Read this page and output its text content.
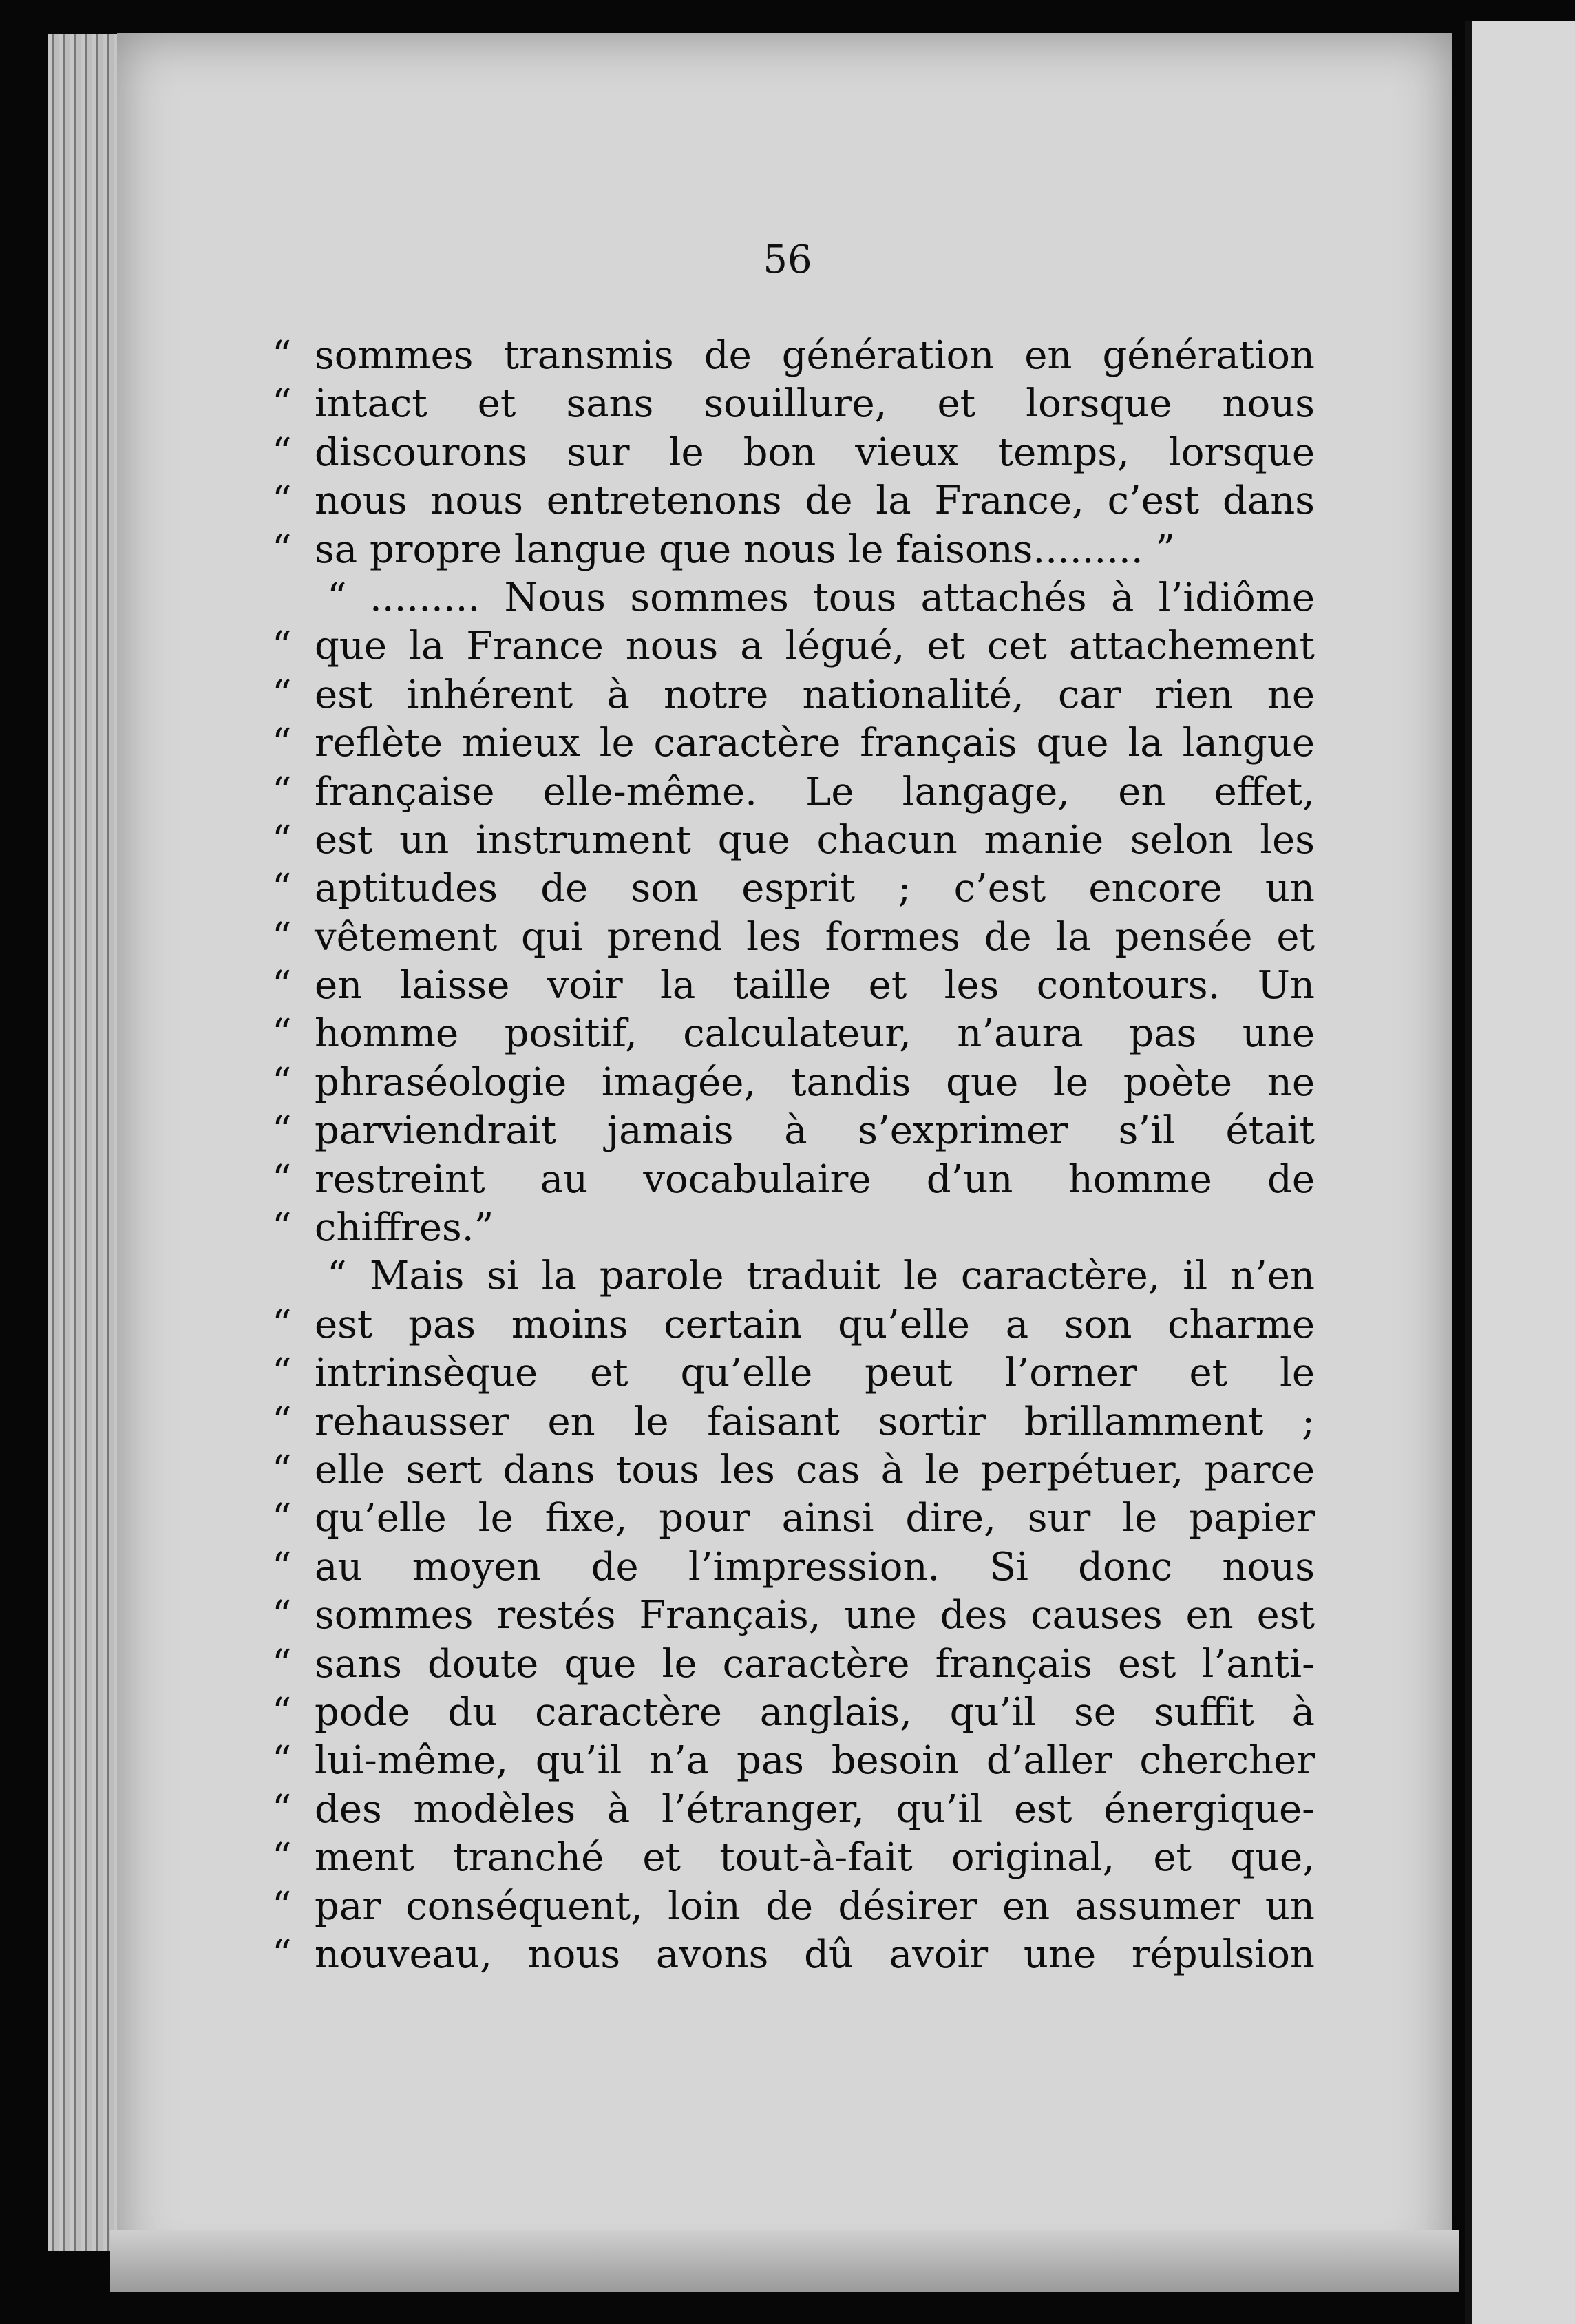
56
“ sommes transmis de génération en génération
“ intact et sans souillure, et lorsque nous
“ discourons sur le bon vieux temps, lorsque
“ nous nous entretenons de la France, c’est dans
“ sa propre langue que nous le faisons......... ”
“ ......... Nous sommes tous attachés à l’idiôme
“ que la France nous a légué, et cet attachement
“ est inhérent à notre nationalité, car rien ne
“ reflète mieux le caractère français que la langue
“ française elle-même. Le langage, en effet,
“ est un instrument que chacun manie selon les
“ aptitudes de son esprit ; c’est encore un
“ vêtement qui prend les formes de la pensée et
“ en laisse voir la taille et les contours. Un
“ homme positif, calculateur, n’aura pas une
“ phraséologie imagée, tandis que le poète ne
“ parviendrait jamais à s’exprimer s’il était
“ restreint au vocabulaire d’un homme de
“ chiffres.”
“ Mais si la parole traduit le caractère, il n’en
“ est pas moins certain qu’elle a son charme
“ intrinsèque et qu’elle peut l’orner et le
“ rehausser en le faisant sortir brillamment ;
“ elle sert dans tous les cas à le perpétuer, parce
“ qu’elle le fixe, pour ainsi dire, sur le papier
“ au moyen de l’impression. Si donc nous
“ sommes restés Français, une des causes en est
“ sans doute que le caractère français est l’anti-
“ pode du caractère anglais, qu’il se suffit à
“ lui-même, qu’il n’a pas besoin d’aller chercher
“ des modèles à l’étranger, qu’il est énergique-
“ ment tranché et tout-à-fait original, et que,
“ par conséquent, loin de désirer en assumer un
“ nouveau, nous avons dû avoir une répulsion
